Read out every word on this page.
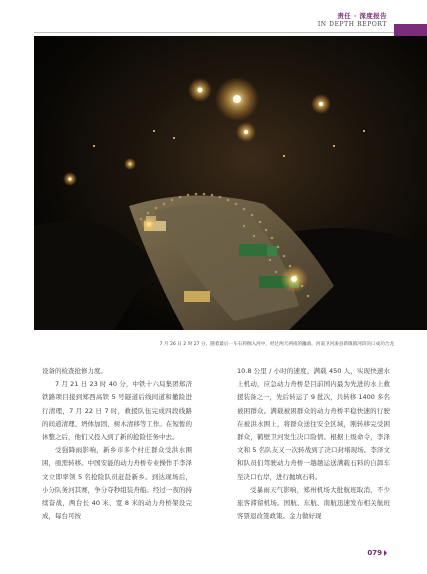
责任 · 深度报告
IN DEPTH REPORT
7 月 26 日 2 时 27 分，随着最后一车石料倒入河中，经过两天两夜的鏖战，河南卫河浚县新镇镇河段决口成功合龙

设备的检查抢修力度。

7 月 21 日 23 时 40 分，中铁十六局集团郑济铁路项目接到郑西高铁 5 号隧道后线间道和撤险进行清理，7 月 22 日 7 时，救援队伍完成四段线路的间道清理、坍体加固、树木清移等工作。在短暂的休整之后，他们又投入到了新的抢险任务中去。

受强降雨影响，新乡市多个村庄群众受洪水围困，亟需转移。中国安能的动力舟桥专业操作手李泽文立即率领 5 名抢险队员赶赴新乡。到达现场后，小分队务河其赛，争分夺秒组装舟船。经过一夜的持续奋战，两台长 40 米、宽 8 米的动力舟桥架设完成，每台可按

10.8 公里 / 小时的速度，满载 450 人，实现快速水上机动，应急动力舟桥是目前国内最为先进的水上救援装备之一，先后转运了 9 批次，共转移 1400 多名被困群众。满载被困群众的动力舟桥平稳快速的行驶在被洪水围上，将群众送往安全区域，刚转移完受困群众，鹤壁卫河发生决口险情。根据上级命令，李泽文和 5 名队友又一次转战到了决口封堵现场。李泽文和队员们驾驶动力舟桥一趟趟运送满载石料的自卸车至决口右岸，进行抛填石料。

受暴雨天气影响，郑州机场大批航班取消，不少旅客滞留机场。国航、东航、南航迅速发布相关航班客票退改签政策。金力做好现

079
